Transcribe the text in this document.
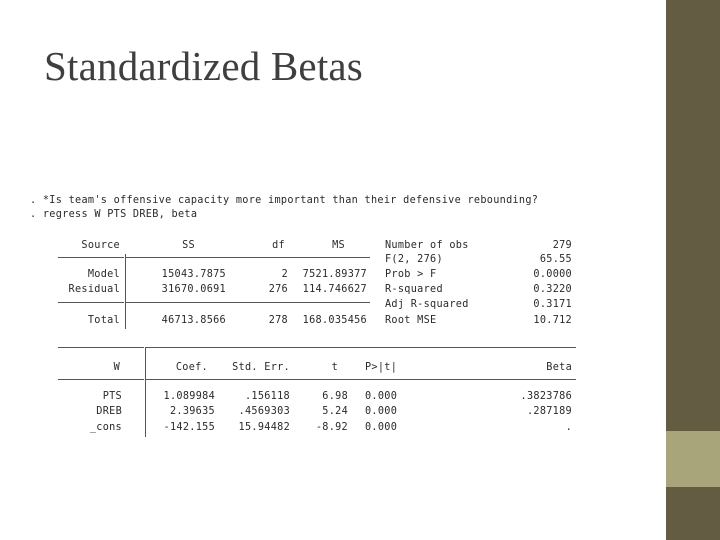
Standardized Betas
. *Is team's offensive capacity more important than their defensive rebounding?
. regress W PTS DREB, beta
Source	SS	df	MS
Model	15043.7875	2	7521.89377
Residual	31670.0691	276	114.746627
Total	46713.8566	278	168.035456
Number of obs	279
F(2, 276)	65.55
Prob > F	0.0000
R-squared	0.3220
Adj R-squared	0.3171
Root MSE	10.712
W	Coef.	Std. Err.	t	P>|t|	Beta
PTS	1.089984	.156118	6.98 0.000	.3823786
DREB	2.39635	.4569303	5.24 0.000	.287189
_cons	-142.155	15.94482	-8.92 0.000	.
